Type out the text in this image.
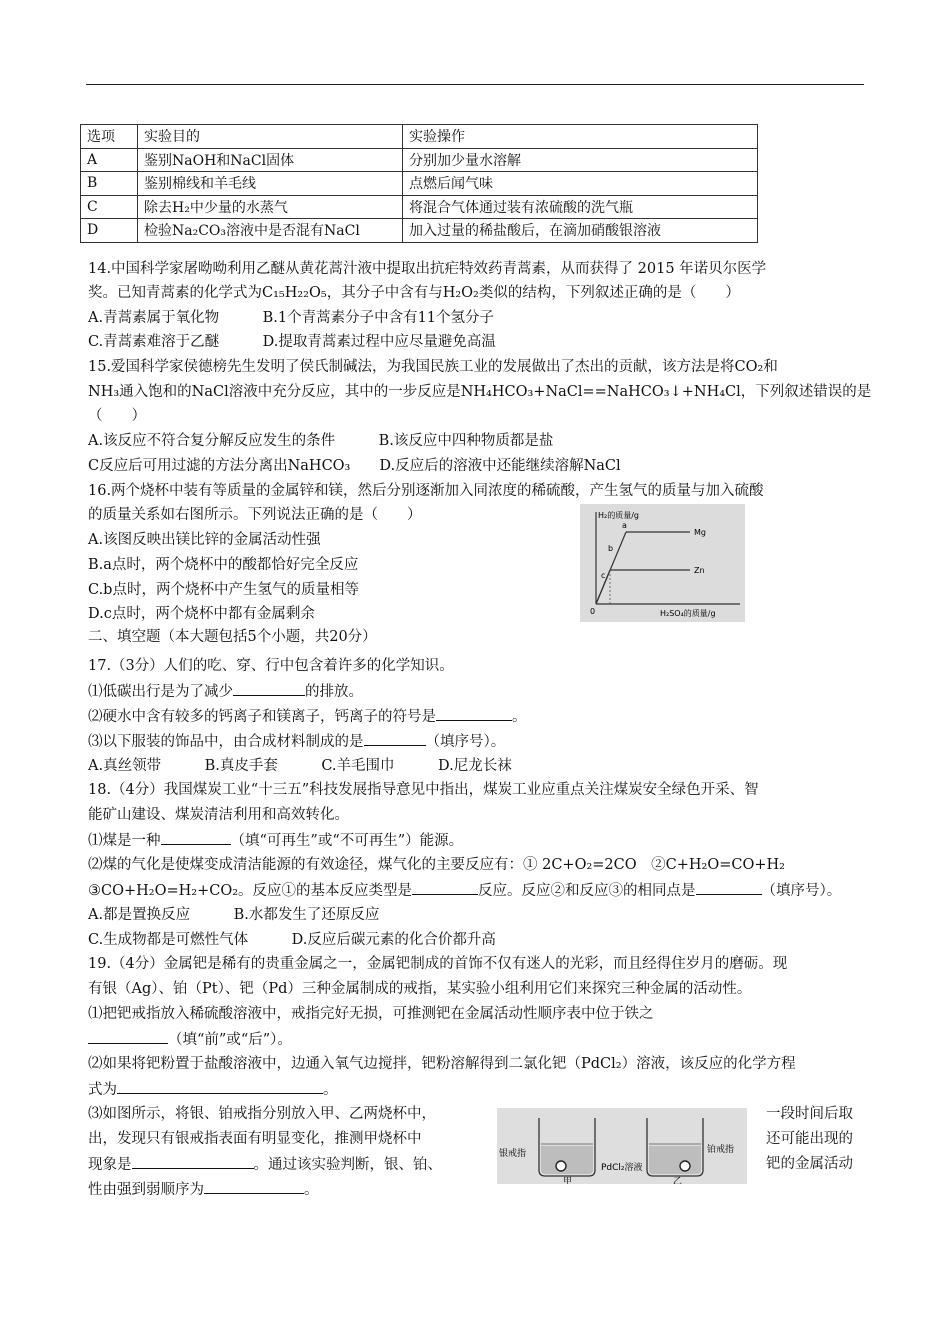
选项	实验目的	实验操作
A	鉴别NaOH和NaCl固体	分别加少量水溶解
B	鉴别棉线和羊毛线	点燃后闻气味
C	除去H₂中少量的水蒸气	将混合气体通过装有浓硫酸的洗气瓶
D	检验Na₂CO₃溶液中是否混有NaCl	加入过量的稀盐酸后，在滴加硝酸银溶液
14.中国科学家屠呦呦利用乙醚从黄花蒿汁液中提取出抗疟特效药青蒿素，从而获得了 2015 年诺贝尔医学
奖。已知青蒿素的化学式为C₁₅H₂₂O₅，其分子中含有与H₂O₂类似的结构，下列叙述正确的是（　　）
A.青蒿素属于氧化物　　　B.1个青蒿素分子中含有11个氢分子
C.青蒿素难溶于乙醚　　　D.提取青蒿素过程中应尽量避免高温
15.爱国科学家侯德榜先生发明了侯氏制碱法，为我国民族工业的发展做出了杰出的贡献，该方法是将CO₂和
NH₃通入饱和的NaCl溶液中充分反应，其中的一步反应是NH₄HCO₃+NaCl==NaHCO₃↓+NH₄Cl，下列叙述错误的是
（　　）
A.该反应不符合复分解反应发生的条件　　　B.该反应中四种物质都是盐
C反应后可用过滤的方法分离出NaHCO₃　　D.反应后的溶液中还能继续溶解NaCl
16.两个烧杯中装有等质量的金属锌和镁，然后分别逐渐加入同浓度的稀硫酸，产生氢气的质量与加入硫酸
的质量关系如右图所示。下列说法正确的是（　　）
A.该图反映出镁比锌的金属活动性强
B.a点时，两个烧杯中的酸都恰好完全反应
C.b点时，两个烧杯中产生氢气的质量相等
D.c点时，两个烧杯中都有金属剩余
H₂的质量/g
H₂SO₄的质量/g
0
a
b
c
Mg
Zn
二、填空题（本大题包括5个小题，共20分）
17.（3分）人们的吃、穿、行中包含着许多的化学知识。
⑴低碳出行是为了减少	的排放。
⑵硬水中含有较多的钙离子和镁离子，钙离子的符号是	。
⑶以下服装的饰品中，由合成材料制成的是	（填序号）。
A.真丝领带　　　B.真皮手套　　　C.羊毛围巾　　　D.尼龙长袜
18.（4分）我国煤炭工业“十三五”科技发展指导意见中指出，煤炭工业应重点关注煤炭安全绿色开采、智
能矿山建设、煤炭清洁利用和高效转化。
⑴煤是一种	（填“可再生”或“不可再生”）能源。
⑵煤的气化是使煤变成清洁能源的有效途径，煤气化的主要反应有：① 2C+O₂=2CO　②C+H₂O=CO+H₂
③CO+H₂O=H₂+CO₂。反应①的基本反应类型是	反应。反应②和反应③的相同点是	（填序号）。
A.都是置换反应　　　B.水都发生了还原反应
C.生成物都是可燃性气体　　　D.反应后碳元素的化合价都升高
19.（4分）金属钯是稀有的贵重金属之一，金属钯制成的首饰不仅有迷人的光彩，而且经得住岁月的磨砺。现
有银（Ag）、铂（Pt）、钯（Pd）三种金属制成的戒指，某实验小组利用它们来探究三种金属的活动性。
⑴把钯戒指放入稀硫酸溶液中，戒指完好无损，可推测钯在金属活动性顺序表中位于铁之
（填“前”或“后”）。
⑵如果将钯粉置于盐酸溶液中，边通入氧气边搅拌，钯粉溶解得到二氯化钯（PdCl₂）溶液，该反应的化学方程
式为	。
⑶如图所示，将银、铂戒指分别放入甲、乙两烧杯中，	一段时间后取
出，发现只有银戒指表面有明显变化，推测甲烧杯中	还可能出现的
现象是	。通过该实验判断，银、铂、	钯的金属活动
性由强到弱顺序为	。
银戒指	铂戒指
PdCl₂溶液
甲	乙
